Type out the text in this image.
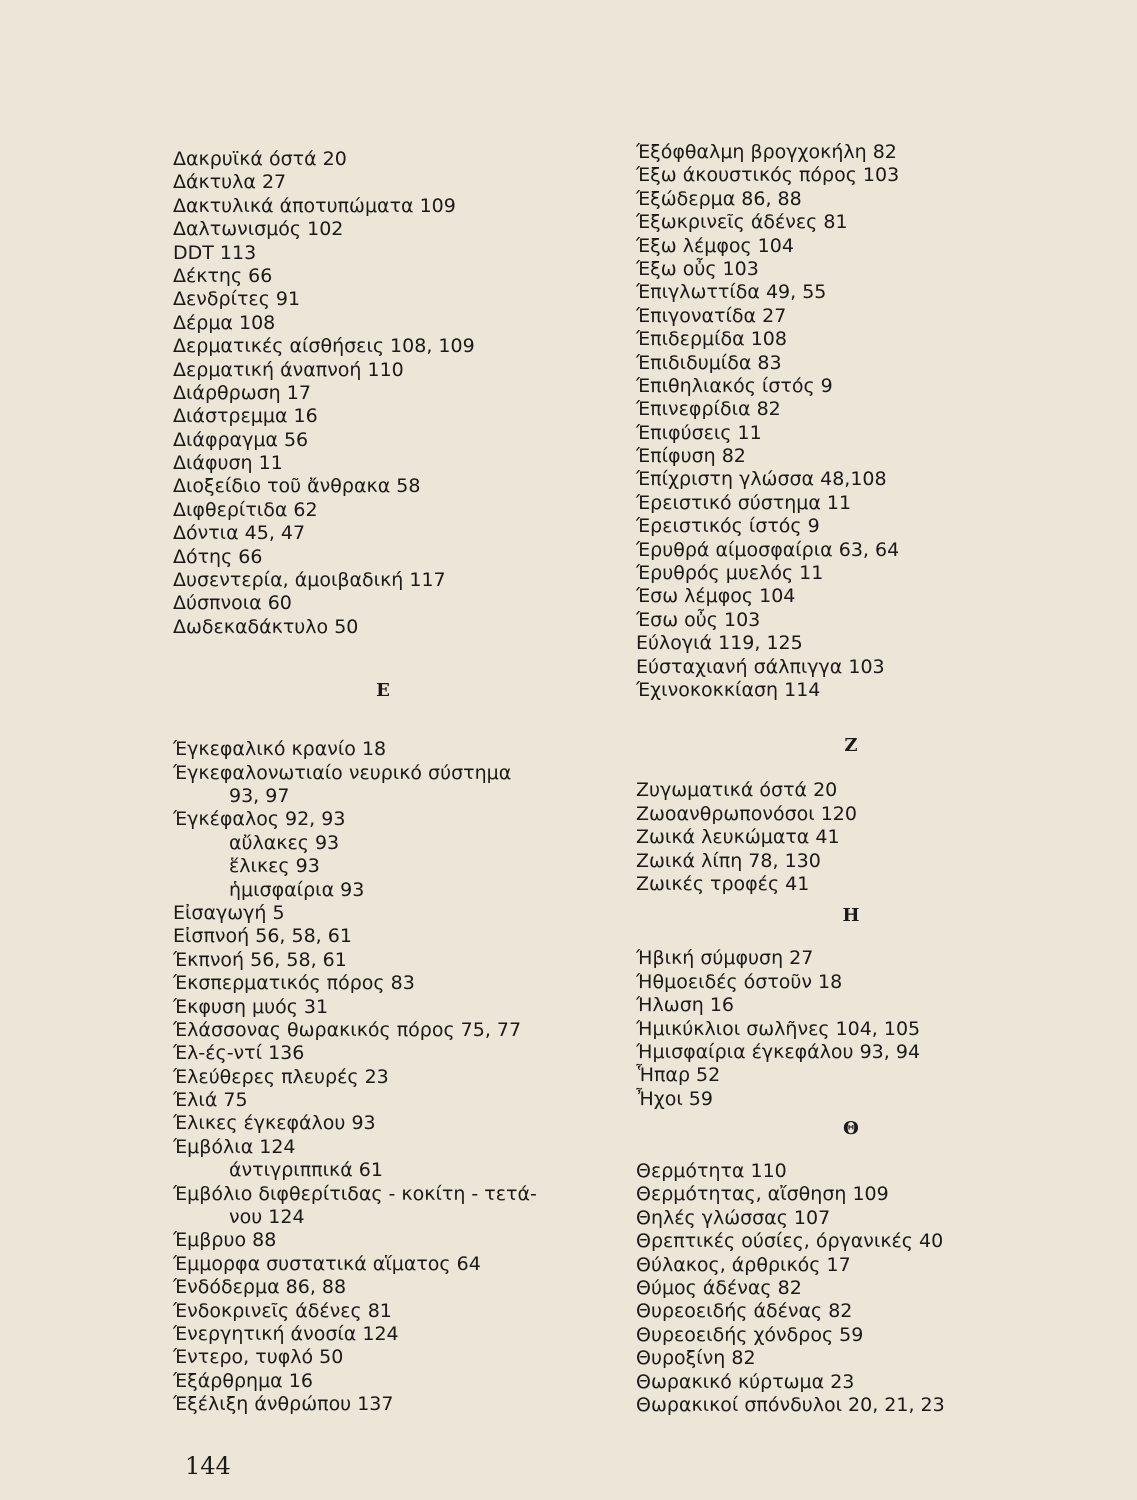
Δακρυϊκά όστά 20
Δάκτυλα 27
Δακτυλικά άποτυπώματα 109
Δαλτωνισμός 102
DDT 113
Δέκτης 66
Δενδρίτες 91
Δέρμα 108
Δερματικές αίσθήσεις 108, 109
Δερματική άναπνοή 110
Διάρθρωση 17
Διάστρεμμα 16
Διάφραγμα 56
Διάφυση 11
Διοξείδιο τοῦ ἄνθρακα 58
Διφθερίτιδα 62
Δόντια 45, 47
Δότης 66
Δυσεντερία, άμοιβαδική 117
Δύσπνοια 60
Δωδεκαδάκτυλο 50
Ε
Έγκεφαλικό κρανίο 18
Έγκεφαλονωτιαίο νευρικό σύστημα
93, 97
Έγκέφαλος 92, 93
αὔλακες 93
ἕλικες 93
ἡμισφαίρια 93
Εἰσαγωγή 5
Εἰσπνοή 56, 58, 61
Έκπνοή 56, 58, 61
Έκσπερματικός πόρος 83
Έκφυση μυός 31
Έλάσσονας θωρακικός πόρος 75, 77
Έλ-ές-ντί 136
Έλεύθερες πλευρές 23
Έλιά 75
Έλικες έγκεφάλου 93
Έμβόλια 124
άντιγριππικά 61
Έμβόλιο διφθερίτιδας - κοκίτη - τετά-
νου 124
Έμβρυο 88
Έμμορφα συστατικά αἵματος 64
Ένδόδερμα 86, 88
Ένδοκρινεῖς άδένες 81
Ένεργητική άνοσία 124
Έντερο, τυφλό 50
Έξάρθρημα 16
Έξέλιξη άνθρώπου 137
Έξόφθαλμη βρογχοκήλη 82
Έξω άκουστικός πόρος 103
Έξώδερμα 86, 88
Έξωκρινεῖς άδένες 81
Έξω λέμφος 104
Έξω οὖς 103
Έπιγλωττίδα 49, 55
Έπιγονατίδα 27
Έπιδερμίδα 108
Έπιδιδυμίδα 83
Έπιθηλιακός ίστός 9
Έπινεφρίδια 82
Έπιφύσεις 11
Έπίφυση 82
Έπίχριστη γλώσσα 48,108
Έρειστικό σύστημα 11
Έρειστικός ίστός 9
Έρυθρά αίμοσφαίρια 63, 64
Έρυθρός μυελός 11
Έσω λέμφος 104
Έσω οὖς 103
Εύλογιά 119, 125
Εύσταχιανή σάλπιγγα 103
Έχινοκοκκίαση 114
Ζ
Ζυγωματικά όστά 20
Ζωοανθρωπονόσοι 120
Ζωικά λευκώματα 41
Ζωικά λίπη 78, 130
Ζωικές τροφές 41
Η
Ήβική σύμφυση 27
Ήθμοειδές όστοῦν 18
Ήλωση 16
Ήμικύκλιοι σωλῆνες 104, 105
Ήμισφαίρια έγκεφάλου 93, 94
Ἧπαρ 52
Ἦχοι 59
Θ
Θερμότητα 110
Θερμότητας, αἴσθηση 109
Θηλές γλώσσας 107
Θρεπτικές ούσίες, όργανικές 40
Θύλακος, άρθρικός 17
Θύμος άδένας 82
Θυρεοειδής άδένας 82
Θυρεοειδής χόνδρος 59
Θυροξίνη 82
Θωρακικό κύρτωμα 23
Θωρακικοί σπόνδυλοι 20, 21, 23
144
